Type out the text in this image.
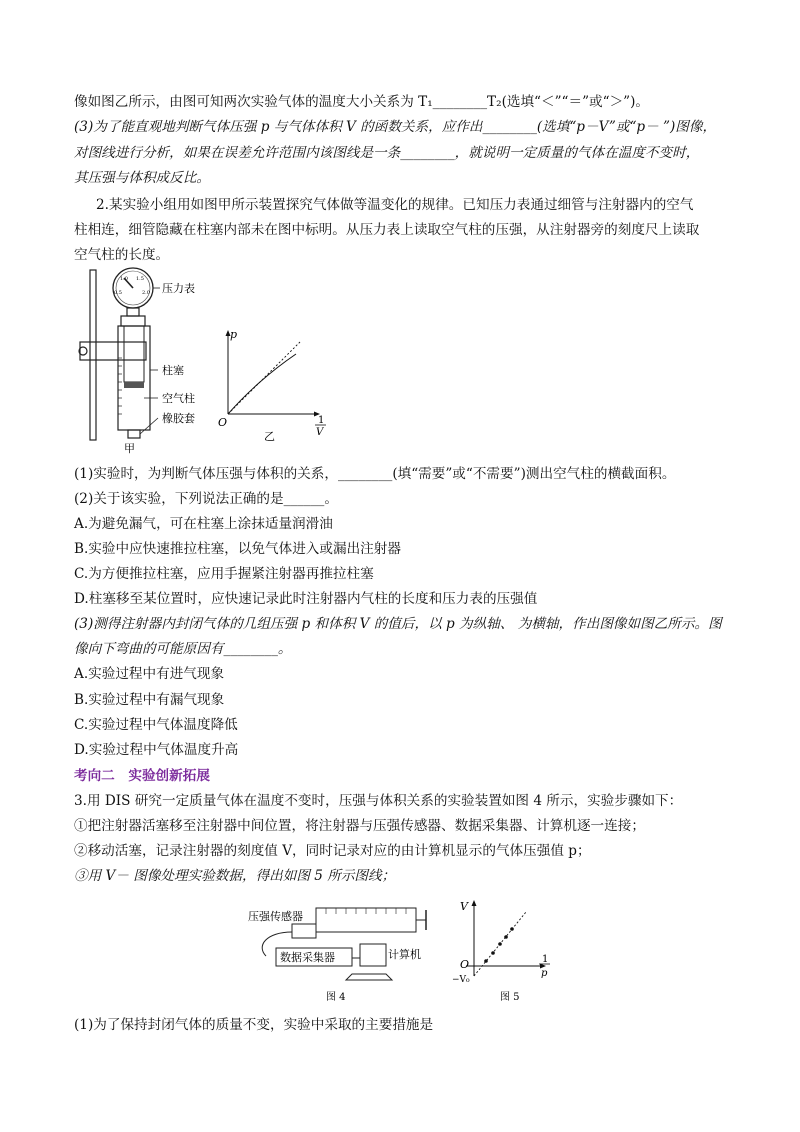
像如图乙所示，由图可知两次实验气体的温度大小关系为 T₁________T₂(选填“＜”“＝”或“＞”)。
(3)为了能直观地判断气体压强 p 与气体体积 V 的函数关系，应作出________(选填“p－V”或“p－ ”)图像，
对图线进行分析，如果在误差允许范围内该图线是一条________，就说明一定质量的气体在温度不变时，
其压强与体积成反比。
2.某实验小组用如图甲所示装置探究气体做等温变化的规律。已知压力表通过细管与注射器内的空气
柱相连，细管隐藏在柱塞内部未在图中标明。从压力表上读取空气柱的压强，从注射器旁的刻度尺上读取
空气柱的长度。
0.5
1.0 1.5
2.0 压力表
柱塞
空气柱
橡胶套
甲
p
O	1
V
乙
(1)实验时，为判断气体压强与体积的关系，________(填“需要”或“不需要”)测出空气柱的横截面积。
(2)关于该实验，下列说法正确的是______。
A.为避免漏气，可在柱塞上涂抹适量润滑油
B.实验中应快速推拉柱塞，以免气体进入或漏出注射器
C.为方便推拉柱塞，应用手握紧注射器再推拉柱塞
D.柱塞移至某位置时，应快速记录此时注射器内气柱的长度和压力表的压强值
(3)测得注射器内封闭气体的几组压强 p 和体积 V 的值后，以 p 为纵轴、 为横轴，作出图像如图乙所示。图
像向下弯曲的可能原因有________。
A.实验过程中有进气现象
B.实验过程中有漏气现象
C.实验过程中气体温度降低
D.实验过程中气体温度升高
考向二　实验创新拓展
3.用 DIS 研究一定质量气体在温度不变时，压强与体积关系的实验装置如图 4 所示，实验步骤如下：
①把注射器活塞移至注射器中间位置，将注射器与压强传感器、数据采集器、计算机逐一连接；
②移动活塞，记录注射器的刻度值 V，同时记录对应的由计算机显示的气体压强值 p；
③用 V－ 图像处理实验数据，得出如图 5 所示图线；
压强传感器
数据采集器	计算机
图 4
V
O
−V₀
1
p
图 5
(1)为了保持封闭气体的质量不变，实验中采取的主要措施是
